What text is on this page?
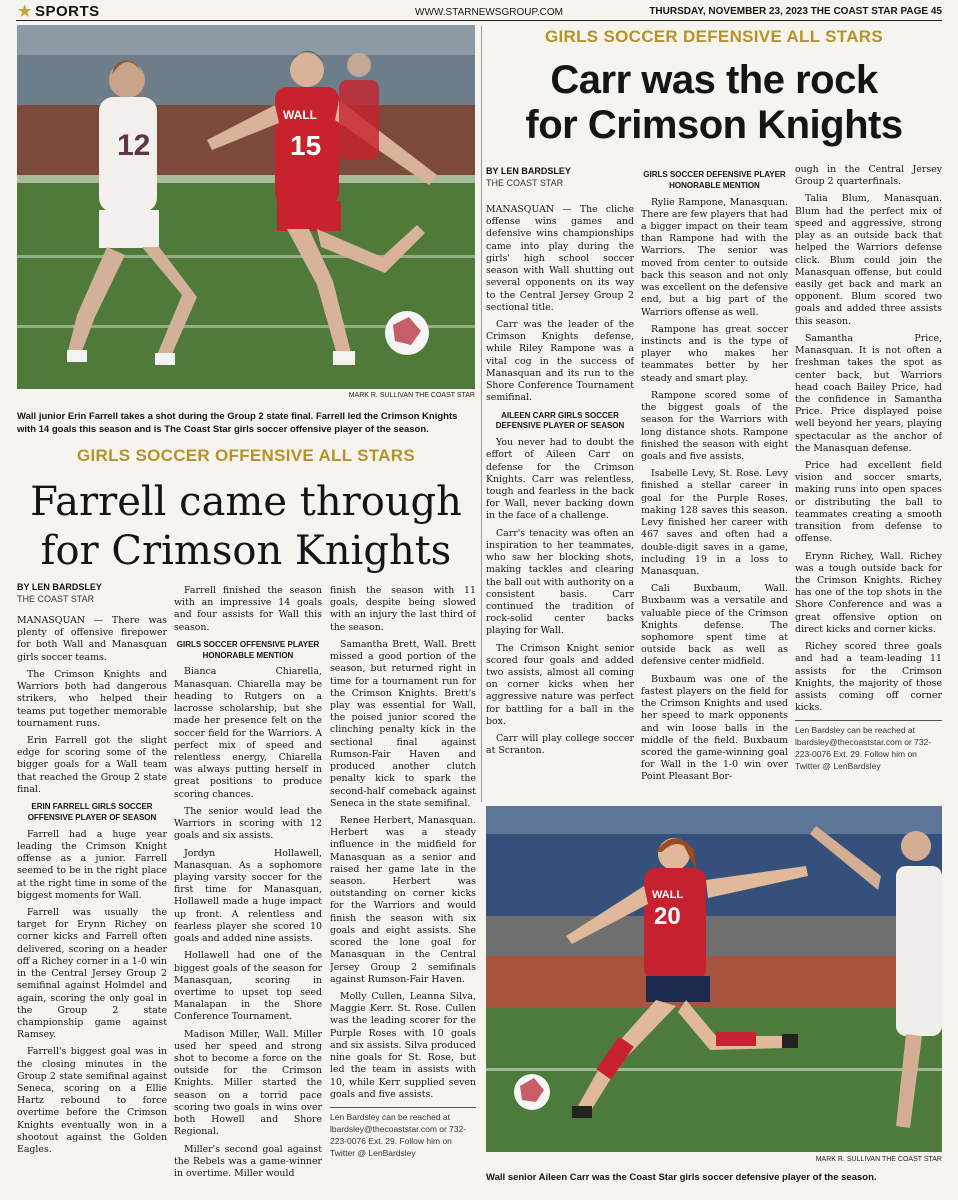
★ SPORTS	WWW.STARNEWSGROUP.COM	THURSDAY, NOVEMBER 23, 2023 THE COAST STAR PAGE 45
12
WALL
15
MARK R. SULLIVAN THE COAST STAR
Wall junior Erin Farrell takes a shot during the Group 2 state final. Farrell led the Crimson Knights with 14 goals this season and is The Coast Star girls soccer offensive player of the season.
GIRLS SOCCER OFFENSIVE ALL STARS
Farrell came through
for Crimson Knights
BY LEN BARDSLEY
THE COAST STAR

MANASQUAN — There was plenty of offensive firepower for both Wall and Manasquan girls soccer teams.

The Crimson Knights and Warriors both had dangerous strikers, who helped their teams put together memorable tournament runs.

Erin Farrell got the slight edge for scoring some of the bigger goals for a Wall team that reached the Group 2 state final.

ERIN FARRELL GIRLS SOCCER OFFENSIVE PLAYER OF SEASON

Farrell had a huge year leading the Crimson Knight offense as a junior. Farrell seemed to be in the right place at the right time in some of the biggest moments for Wall.

Farrell was usually the target for Erynn Richey on corner kicks and Farrell often delivered, scoring on a header off a Richey corner in a 1-0 win in the Central Jersey Group 2 semifinal against Holmdel and again, scoring the only goal in the Group 2 state championship game against Ramsey.

Farrell's biggest goal was in the closing minutes in the Group 2 state semifinal against Seneca, scoring on a Ellie Hartz rebound to force overtime before the Crimson Knights eventually won in a shootout against the Golden Eagles.

Farrell finished the season with an impressive 14 goals and four assists for Wall this season.

GIRLS SOCCER OFFENSIVE PLAYER HONORABLE MENTION

Bianca Chiarella, Manasquan. Chiarella may be heading to Rutgers on a lacrosse scholarship, but she made her presence felt on the soccer field for the Warriors. A perfect mix of speed and relentless energy, Chiarella was always putting herself in great positions to produce scoring chances.

The senior would lead the Warriors in scoring with 12 goals and six assists.

Jordyn Hollawell, Manasquan. As a sophomore playing varsity soccer for the first time for Manasquan, Hollawell made a huge impact up front. A relentless and fearless player she scored 10 goals and added nine assists.

Hollawell had one of the biggest goals of the season for Manasquan, scoring in overtime to upset top seed Manalapan in the Shore Conference Tournament.

Madison Miller, Wall. Miller used her speed and strong shot to become a force on the outside for the Crimson Knights. Miller started the season on a torrid pace scoring two goals in wins over both Howell and Shore Regional.

Miller's second goal against the Rebels was a game-winner in overtime. Miller would

finish the season with 11 goals, despite being slowed with an injury the last third of the season.

Samantha Brett, Wall. Brett missed a good portion of the season, but returned right in time for a tournament run for the Crimson Knights. Brett's play was essential for Wall, the poised junior scored the clinching penalty kick in the sectional final against Rumson-Fair Haven and produced another clutch penalty kick to spark the second-half comeback against Seneca in the state semifinal.

Renee Herbert, Manasquan. Herbert was a steady influence in the midfield for Manasquan as a senior and raised her game late in the season. Herbert was outstanding on corner kicks for the Warriors and would finish the season with six goals and eight assists. She scored the lone goal for Manasquan in the Central Jersey Group 2 semifinals against Rumson-Fair Haven.

Molly Cullen, Leanna Silva, Maggie Kerr. St. Rose. Cullen was the leading scorer for the Purple Roses with 10 goals and six assists. Silva produced nine goals for St. Rose, but led the team in assists with 10, while Kerr supplied seven goals and five assists.

Len Bardsley can be reached at lbardsley@thecoaststar.com or 732-223-0076 Ext. 29. Follow him on Twitter @ LenBardsley

GIRLS SOCCER DEFENSIVE ALL STARS
Carr was the rock
for Crimson Knights
BY LEN BARDSLEY
THE COAST STAR

MANASQUAN — The cliche offense wins games and defensive wins championships came into play during the girls' high school soccer season with Wall shutting out several opponents on its way to the Central Jersey Group 2 sectional title.

Carr was the leader of the Crimson Knights defense, while Riley Rampone was a vital cog in the success of Manasquan and its run to the Shore Conference Tournament semifinal.

AILEEN CARR GIRLS SOCCER DEFENSIVE PLAYER OF SEASON

You never had to doubt the effort of Aileen Carr on defense for the Crimson Knights. Carr was relentless, tough and fearless in the back for Wall, never backing down in the face of a challenge.

Carr's tenacity was often an inspiration to her teammates, who saw her blocking shots, making tackles and clearing the ball out with authority on a consistent basis. Carr continued the tradition of rock-solid center backs playing for Wall.

The Crimson Knight senior scored four goals and added two assists, almost all coming on corner kicks when her aggressive nature was perfect for battling for a ball in the box.

Carr will play college soccer at Scranton.

GIRLS SOCCER DEFENSIVE PLAYER HONORABLE MENTION

Rylie Rampone, Manasquan. There are few players that had a bigger impact on their team than Rampone had with the Warriors. The senior was moved from center to outside back this season and not only was excellent on the defensive end, but a big part of the Warriors offense as well.

Rampone has great soccer instincts and is the type of player who makes her teammates better by her steady and smart play.

Rampone scored some of the biggest goals of the season for the Warriors with long distance shots. Rampone finished the season with eight goals and five assists.

Isabelle Levy, St. Rose. Levy finished a stellar career in goal for the Purple Roses, making 128 saves this season. Levy finished her career with 467 saves and often had a double-digit saves in a game, including 19 in a loss to Manasquan.

Cali Buxbaum, Wall. Buxbaum was a versatile and valuable piece of the Crimson Knights defense. The sophomore spent time at outside back as well as defensive center midfield.

Buxbaum was one of the fastest players on the field for the Crimson Knights and used her speed to mark opponents and win loose balls in the middle of the field. Buxbaum scored the game-winning goal for Wall in the 1-0 win over Point Pleasant Bor-

ough in the Central Jersey Group 2 quarterfinals.

Talia Blum, Manasquan. Blum had the perfect mix of speed and aggressive, strong play as an outside back that helped the Warriors defense click. Blum could join the Manasquan offense, but could easily get back and mark an opponent. Blum scored two goals and added three assists this season.

Samantha Price, Manasquan. It is not often a freshman takes the spot as center back, but Warriors head coach Bailey Price, had the confidence in Samantha Price. Price displayed poise well beyond her years, playing spectacular as the anchor of the Manasquan defense.

Price had excellent field vision and soccer smarts, making runs into open spaces or distributing the ball to teammates creating a smooth transition from defense to offense.

Erynn Richey, Wall. Richey was a tough outside back for the Crimson Knights. Richey has one of the top shots in the Shore Conference and was a great offensive option on direct kicks and corner kicks.

Richey scored three goals and had a team-leading 11 assists for the Crimson Knights, the majority of those assists coming off corner kicks.

Len Bardsley can be reached at lbardsley@thecoaststar.com or 732-223-0076 Ext. 29. Follow him on Twitter @ LenBardsley

WALL
20
MARK R. SULLIVAN THE COAST STAR
Wall senior Aileen Carr was the Coast Star girls soccer defensive player of the season.
